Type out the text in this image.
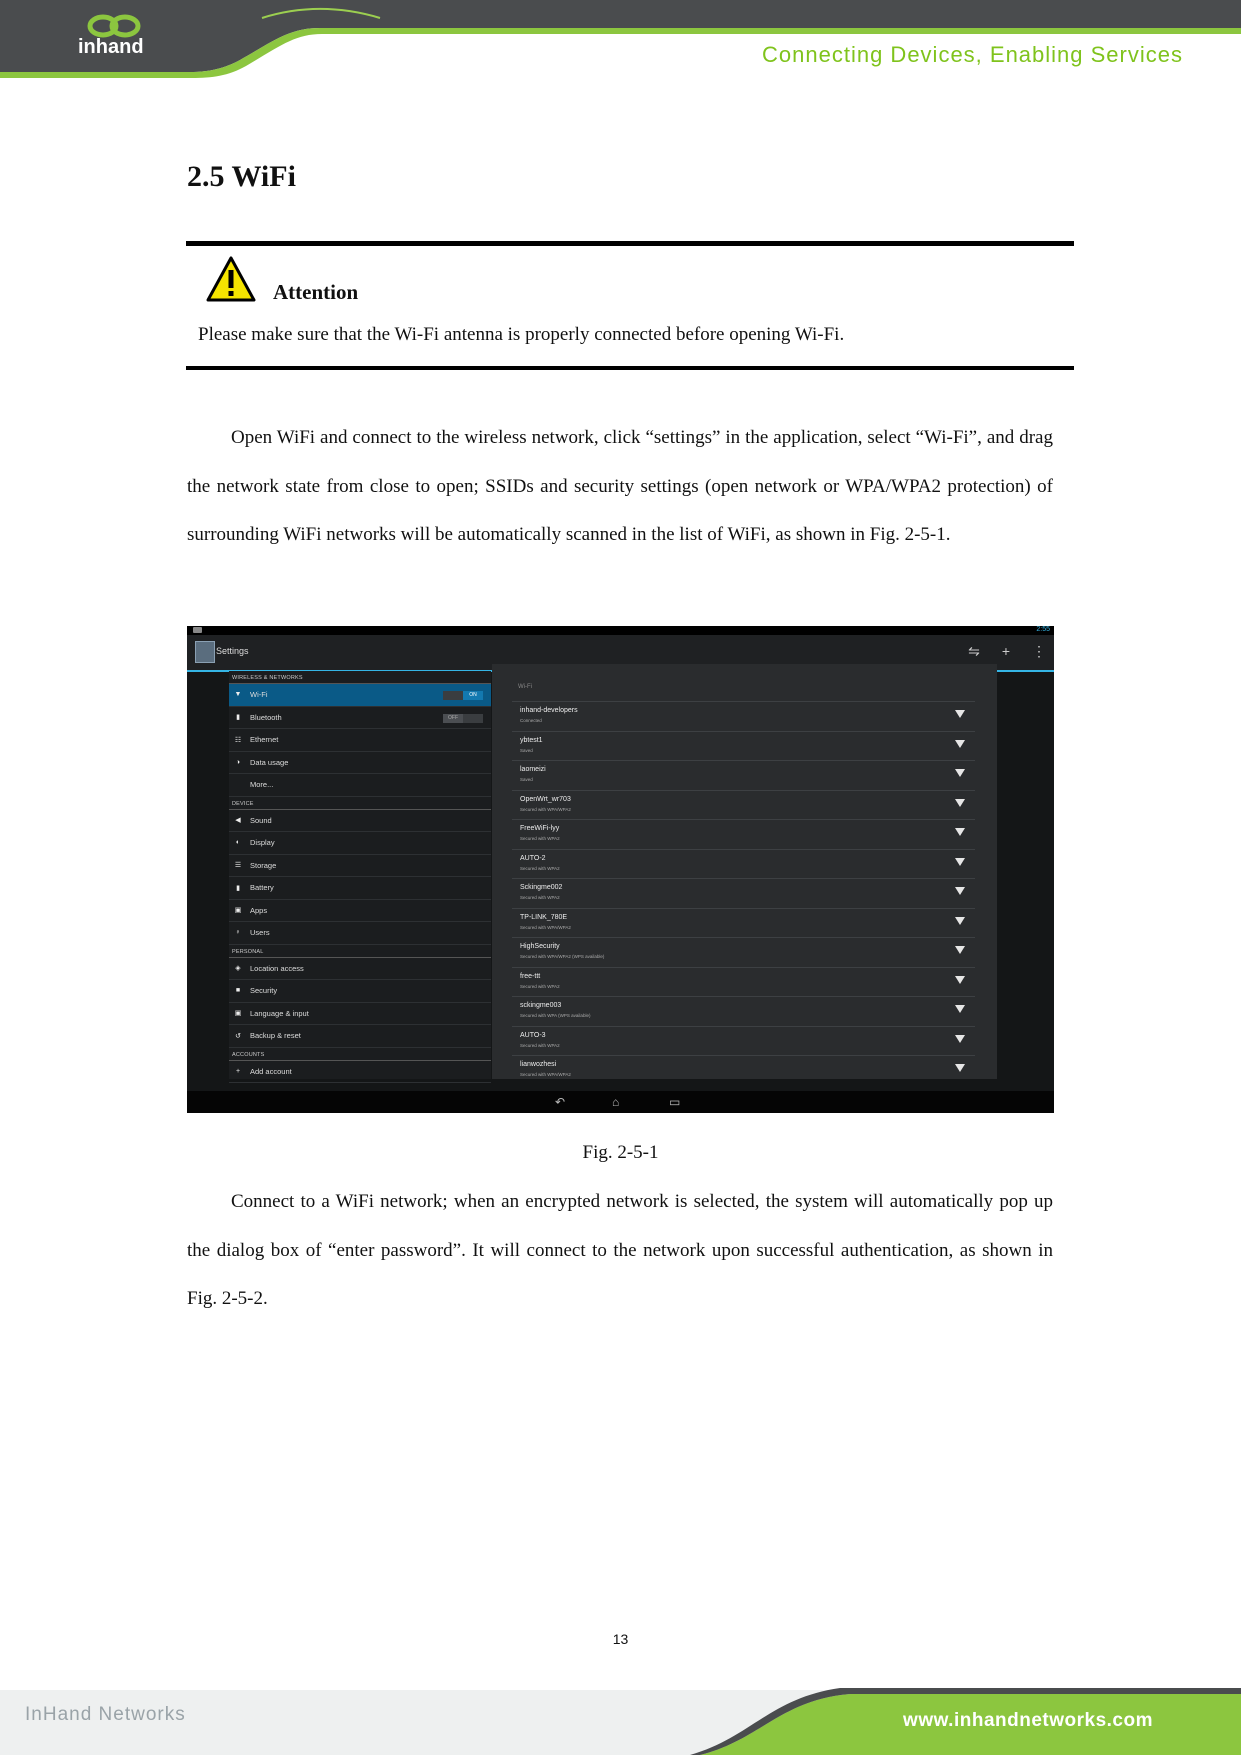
inhand	Connecting Devices, Enabling Services
2.5 WiFi
Attention
Please make sure that the Wi-Fi antenna is properly connected before opening Wi-Fi.

Open WiFi and connect to the wireless network, click “settings” in the application, select “Wi-Fi”, and drag the network state from close to open; SSIDs and security settings (open network or WPA/WPA2 protection) of surrounding WiFi networks will be automatically scanned in the list of WiFi, as shown in Fig. 2-5-1.

2:55
Settings	⇋ + ⋮
WIRELESS & NETWORKS
▼ Wi-Fi	ON
▮	Bluetooth	OFF
☷ Ethernet
◑	Data usage
More...
DEVICE
◀	Sound
◐	Display
☰ Storage
▮	Battery
▣ Apps
♀	Users
PERSONAL
◈	Location access
■	Security
▣ Language & input
↺ Backup & reset
ACCOUNTS
+	Add account
Wi-Fi
inhand-developers
Connected
ybtest1
Saved
laomeizi
Saved
OpenWrt_wr703
Secured with WPA/WPA2
FreeWiFi-lyy
Secured with WPA2
AUTO-2
Secured with WPA2
Sckingme002
Secured with WPA2
TP-LINK_780E
Secured with WPA/WPA2
HighSecurity
Secured with WPA/WPA2 (WPS available)
free-ttt
Secured with WPA2
sckingme003
Secured with WPA (WPS available)
AUTO-3
Secured with WPA2
lianwozhesi
Secured with WPA/WPA2
↶	⌂	▭
Fig. 2-5-1

Connect to a WiFi network; when an encrypted network is selected, the system will automatically pop up the dialog box of “enter password”. It will connect to the network upon successful authentication, as shown in Fig. 2-5-2.

13
InHand Networks	www.inhandnetworks.com
